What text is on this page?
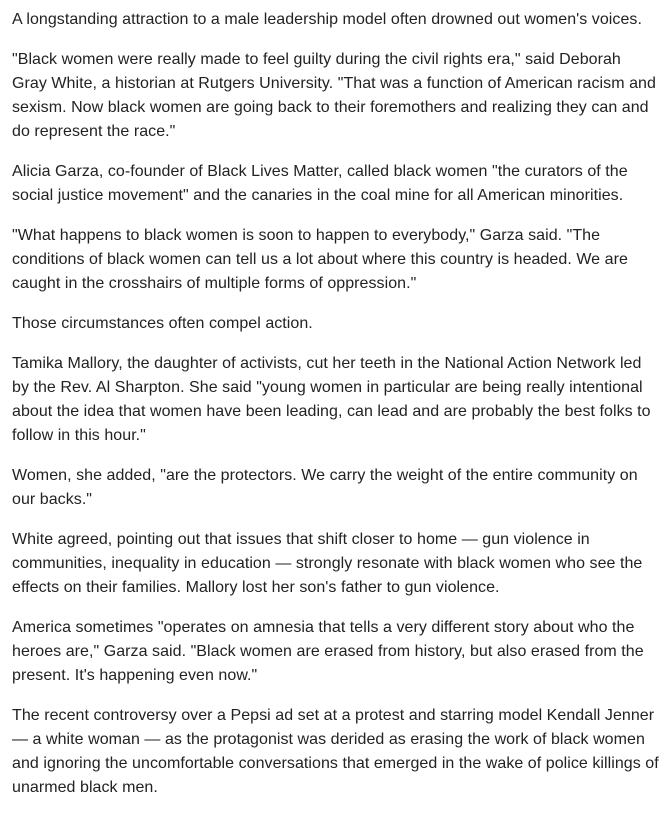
A longstanding attraction to a male leadership model often drowned out women's voices.

"Black women were really made to feel guilty during the civil rights era," said Deborah Gray White, a historian at Rutgers University. "That was a function of American racism and sexism. Now black women are going back to their foremothers and realizing they can and do represent the race."

Alicia Garza, co-founder of Black Lives Matter, called black women "the curators of the social justice movement" and the canaries in the coal mine for all American minorities.

"What happens to black women is soon to happen to everybody," Garza said. "The conditions of black women can tell us a lot about where this country is headed. We are caught in the crosshairs of multiple forms of oppression."

Those circumstances often compel action.

Tamika Mallory, the daughter of activists, cut her teeth in the National Action Network led by the Rev. Al Sharpton. She said "young women in particular are being really intentional about the idea that women have been leading, can lead and are probably the best folks to follow in this hour."

Women, she added, "are the protectors. We carry the weight of the entire community on our backs."

White agreed, pointing out that issues that shift closer to home — gun violence in communities, inequality in education — strongly resonate with black women who see the effects on their families. Mallory lost her son's father to gun violence.

America sometimes "operates on amnesia that tells a very different story about who the heroes are," Garza said. "Black women are erased from history, but also erased from the present. It's happening even now."

The recent controversy over a Pepsi ad set at a protest and starring model Kendall Jenner — a white woman — as the protagonist was derided as erasing the work of black women and ignoring the uncomfortable conversations that emerged in the wake of police killings of unarmed black men.
